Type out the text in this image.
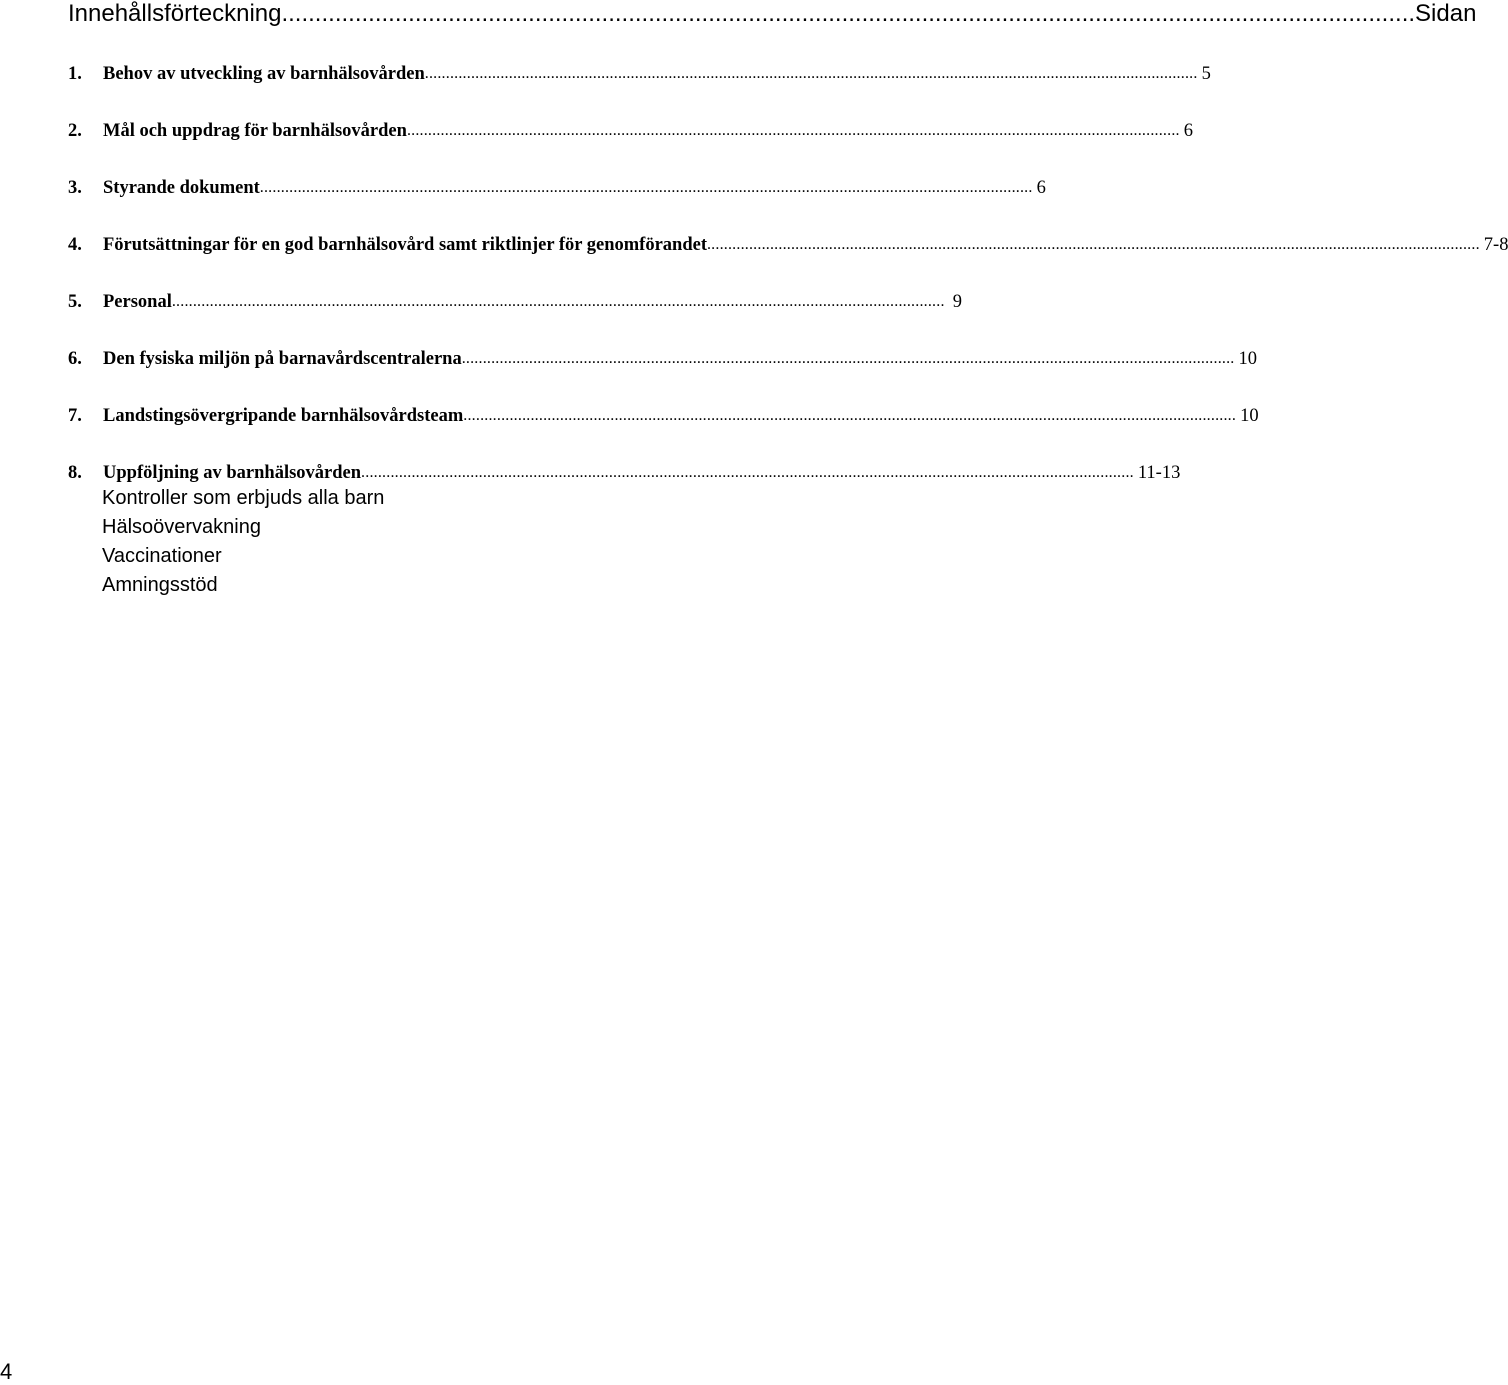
Innehållsförteckning .......................................................................................................................................................................... Sidan
1.	Behov av utveckling av barnhälsovården ........................................................................................................................................................................................ 5
2.	Mål och uppdrag för barnhälsovården ........................................................................................................................................................................................ 6
3.	Styrande dokument ........................................................................................................................................................................................ 6
4.	Förutsättningar för en god barnhälsovård samt riktlinjer för genomförandet ........................................................................................................................................................................................ 7-8
5.	Personal ........................................................................................................................................................................................ 9
6.	Den fysiska miljön på barnavårdscentralerna ........................................................................................................................................................................................ 10
7.	Landstingsövergripande barnhälsovårdsteam ........................................................................................................................................................................................ 10
8.	Uppföljning av barnhälsovården ........................................................................................................................................................................................ 11-13
Kontroller som erbjuds alla barn
Hälsoövervakning
Vaccinationer
Amningsstöd
4
